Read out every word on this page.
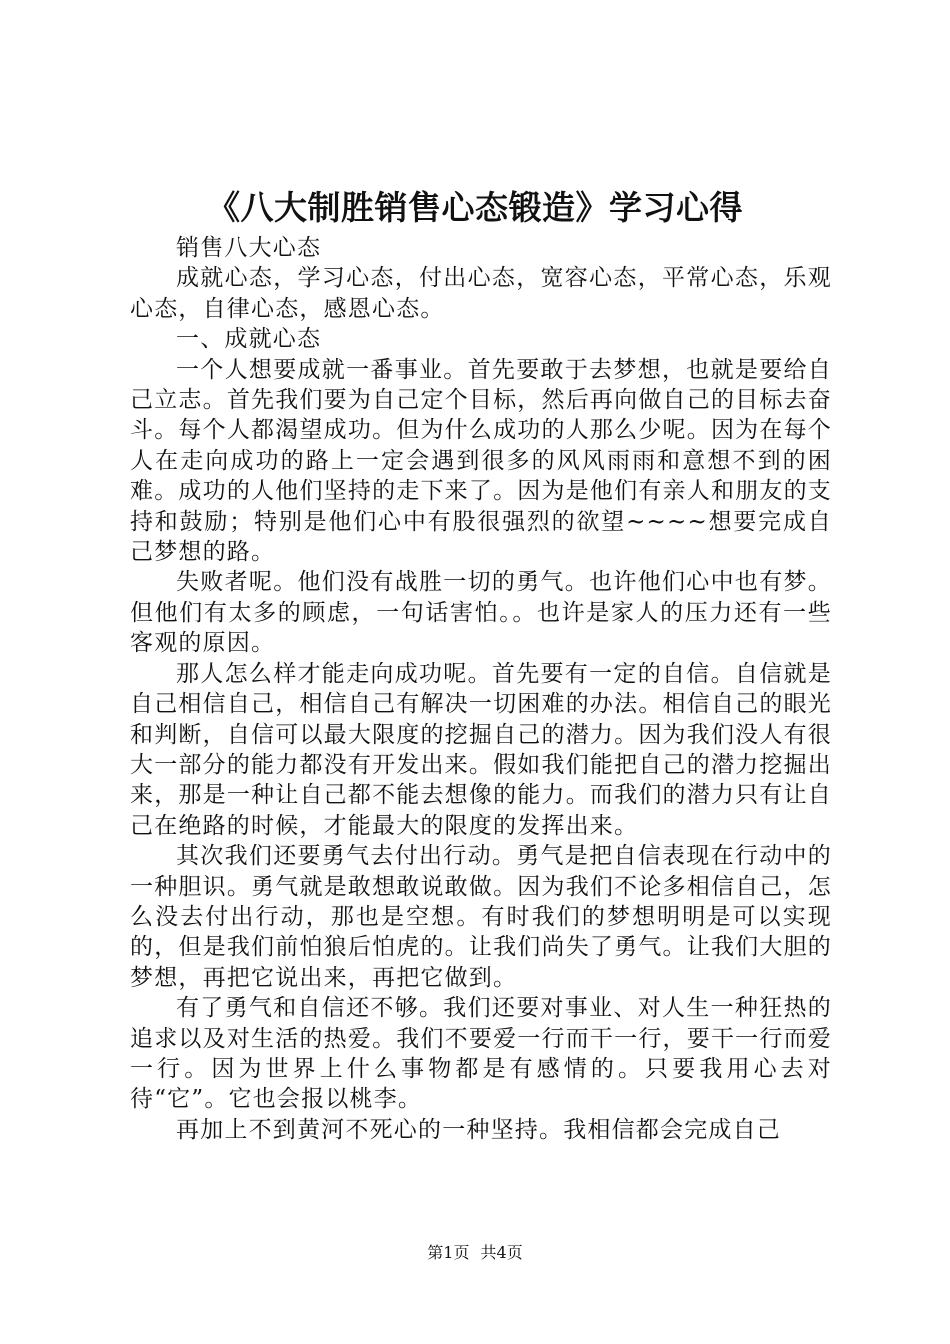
《八大制胜销售心态锻造》学习心得

销售八大心态

成就心态，学习心态，付出心态，宽容心态，平常心态，乐观心态，自律心态，感恩心态。

一、成就心态

一个人想要成就一番事业。首先要敢于去梦想，也就是要给自己立志。首先我们要为自己定个目标，然后再向做自己的目标去奋斗。每个人都渴望成功。但为什么成功的人那么少呢。因为在每个人在走向成功的路上一定会遇到很多的风风雨雨和意想不到的困难。成功的人他们坚持的走下来了。因为是他们有亲人和朋友的支持和鼓励；特别是他们心中有股很强烈的欲望~~~~想要完成自己梦想的路。

失败者呢。他们没有战胜一切的勇气。也许他们心中也有梦。但他们有太多的顾虑，一句话害怕。。也许是家人的压力还有一些客观的原因。

那人怎么样才能走向成功呢。首先要有一定的自信。自信就是自己相信自己，相信自己有解决一切困难的办法。相信自己的眼光和判断，自信可以最大限度的挖掘自己的潜力。因为我们没人有很大一部分的能力都没有开发出来。假如我们能把自己的潜力挖掘出来，那是一种让自己都不能去想像的能力。而我们的潜力只有让自己在绝路的时候，才能最大的限度的发挥出来。

其次我们还要勇气去付出行动。勇气是把自信表现在行动中的一种胆识。勇气就是敢想敢说敢做。因为我们不论多相信自己，怎么没去付出行动，那也是空想。有时我们的梦想明明是可以实现的，但是我们前怕狼后怕虎的。让我们尚失了勇气。让我们大胆的梦想，再把它说出来，再把它做到。

有了勇气和自信还不够。我们还要对事业、对人生一种狂热的追求以及对生活的热爱。我们不要爱一行而干一行，要干一行而爱一行。因为世界上什么事物都是有感情的。只要我用心去对待“它”。它也会报以桃李。

再加上不到黄河不死心的一种坚持。我相信都会完成自己

第1页 共4页
